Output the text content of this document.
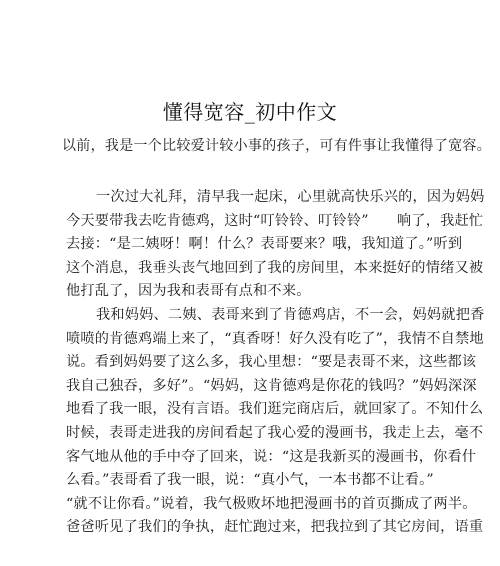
懂得宽容_初中作文
以前，我是一个比较爱计较小事的孩子，可有件事让我懂得了宽容。
一次过大礼拜，清早我一起床，心里就高快乐兴的，因为妈妈
今天要带我去吃肯德鸡，这时“叮铃铃、叮铃铃”      响了，我赶忙
去接：“是二姨呀！啊！什么？表哥要来？哦，我知道了。”听到
这个消息，我垂头丧气地回到了我的房间里，本来挺好的情绪又被
他打乱了，因为我和表哥有点和不来。
我和妈妈、二姨、表哥来到了肯德鸡店，不一会，妈妈就把香
喷喷的肯德鸡端上来了，“真香呀！好久没有吃了”，我情不自禁地
说。看到妈妈要了这么多，我心里想：“要是表哥不来，这些都该
我自己独吞，多好”。“妈妈，这肯德鸡是你花的钱吗？”妈妈深深
地看了我一眼，没有言语。我们逛完商店后，就回家了。不知什么
时候，表哥走进我的房间看起了我心爱的漫画书，我走上去，毫不
客气地从他的手中夺了回来，说：“这是我新买的漫画书，你看什
么看。”表哥看了我一眼，说：“真小气，一本书都不让看。”
“就不让你看。”说着，我气极败坏地把漫画书的首页撕成了两半。
爸爸听见了我们的争执，赶忙跑过来，把我拉到了其它房间，语重
